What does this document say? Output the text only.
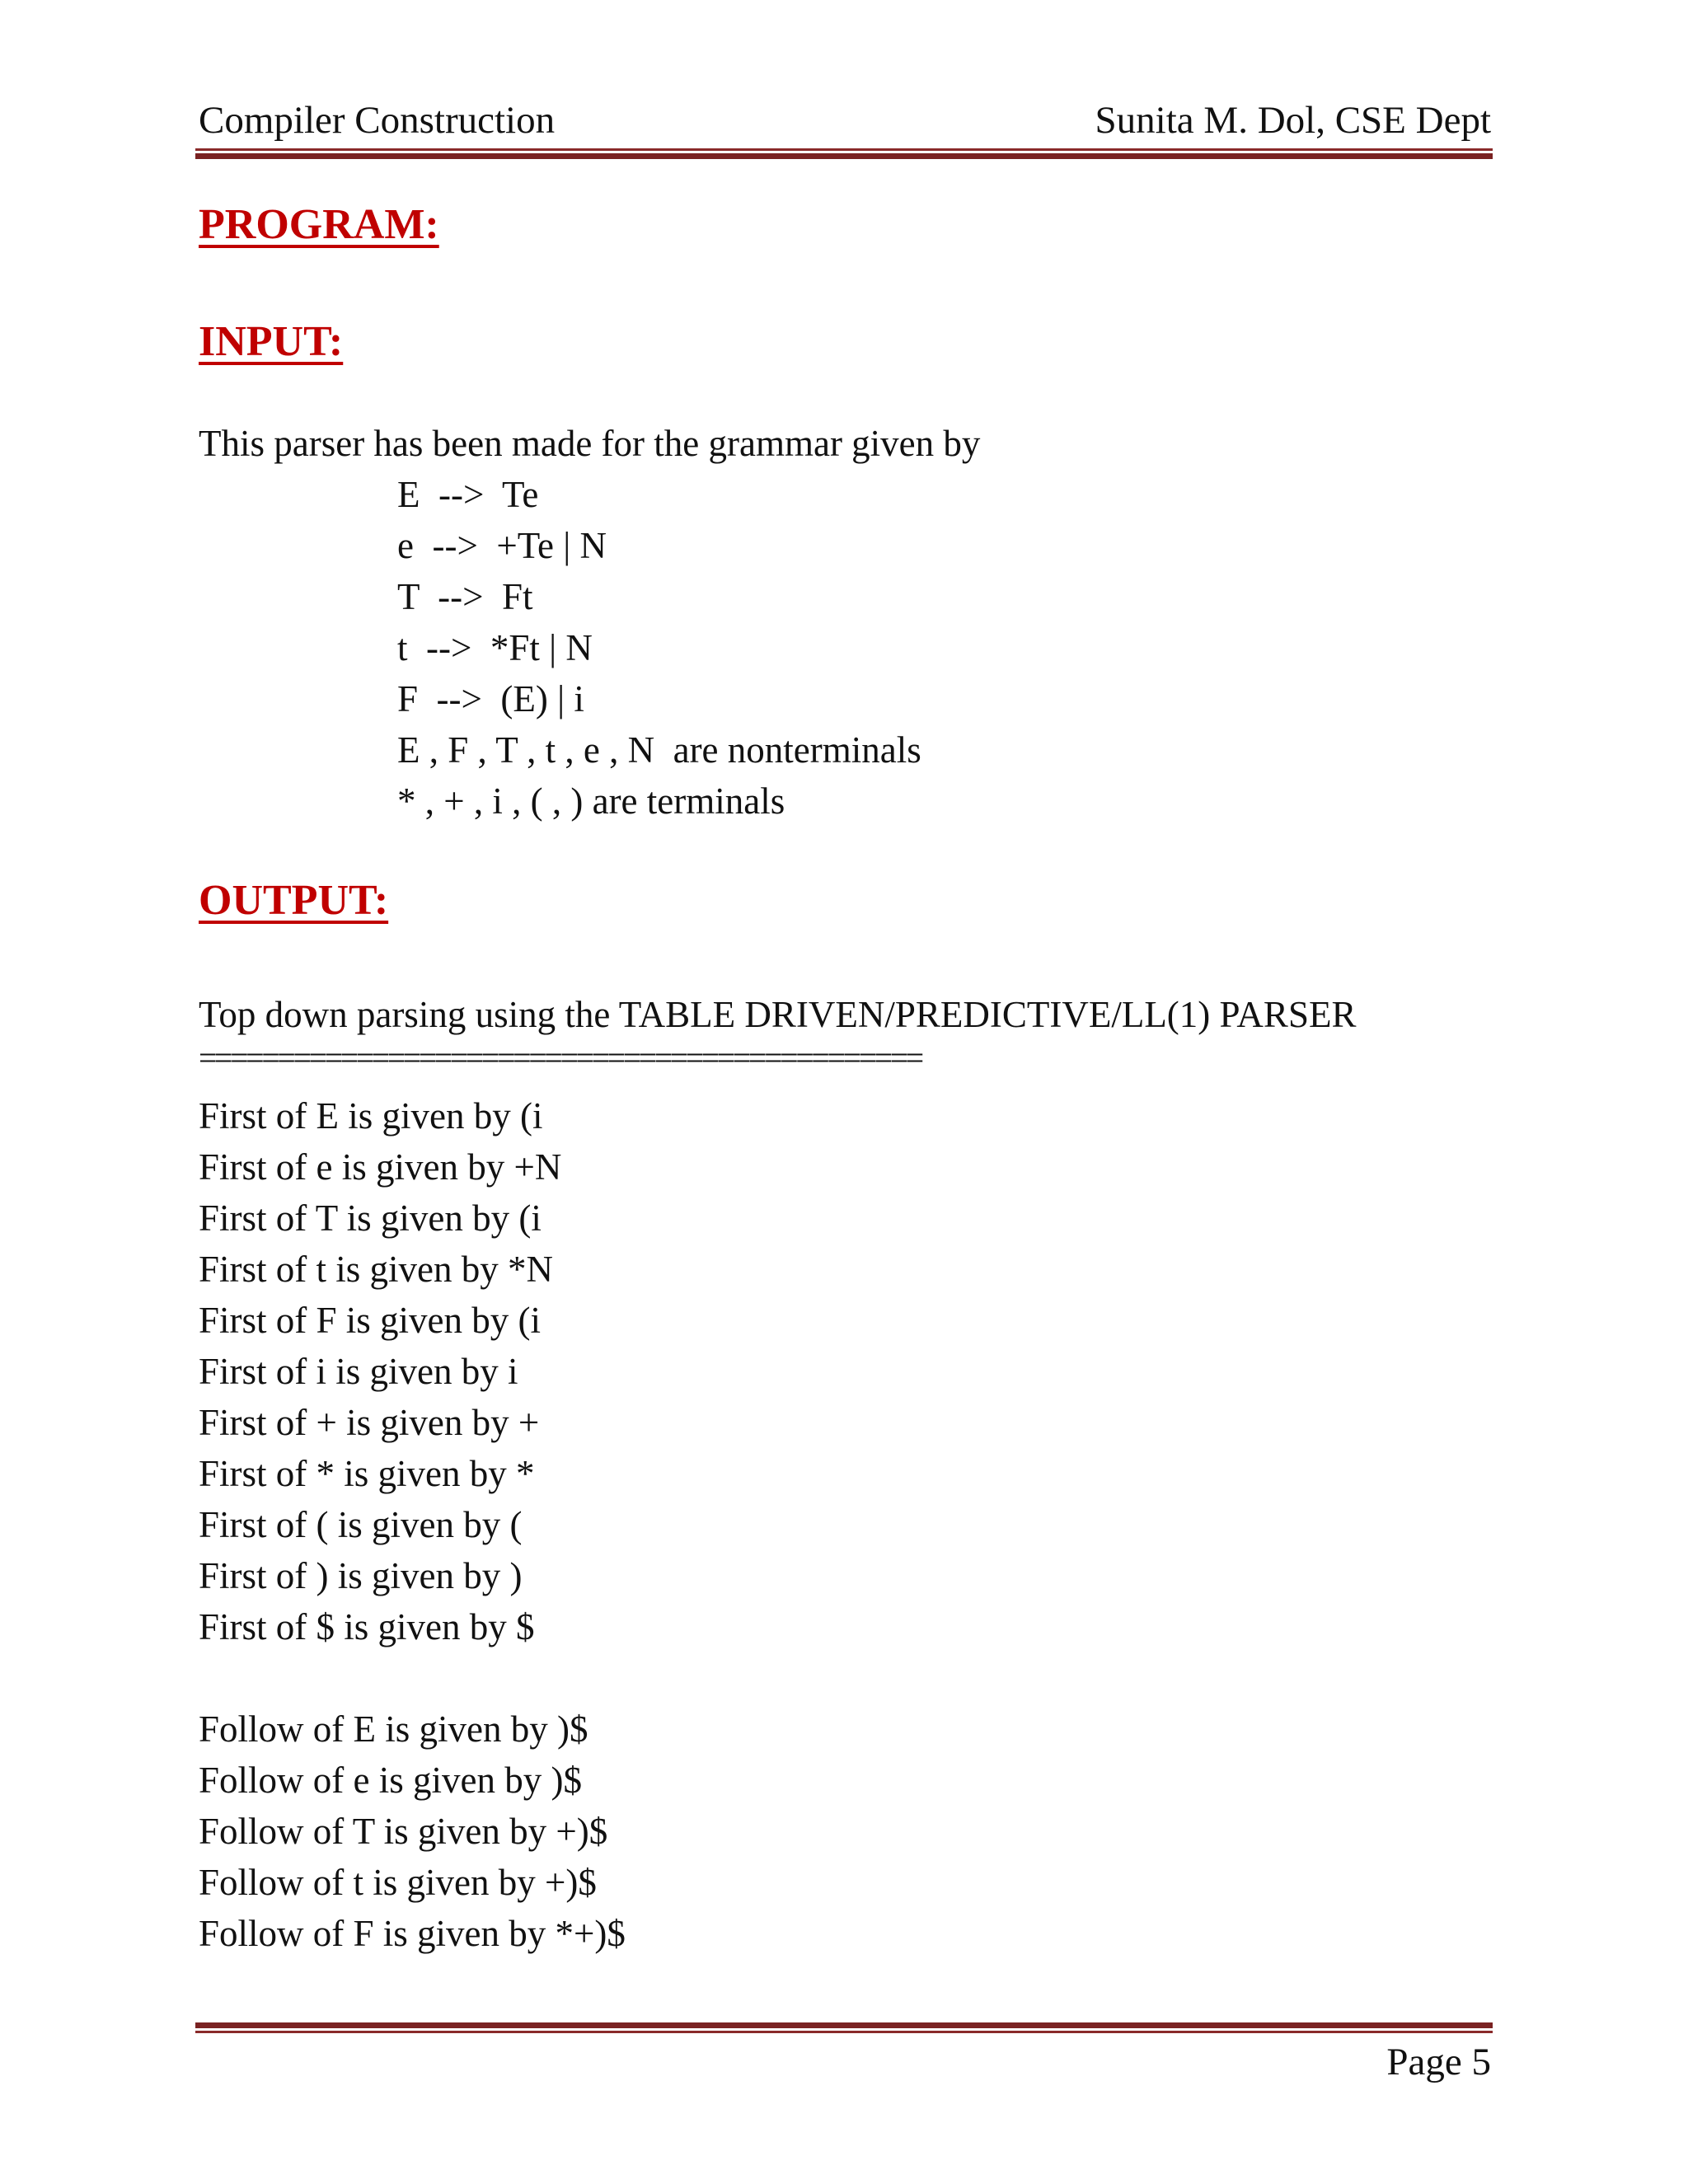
Compiler Construction	Sunita M. Dol, CSE Dept
PROGRAM:
INPUT:
This parser has been made for the grammar given by
E  -->  Te
e  -->  +Te | N
T  -->  Ft
t  -->  *Ft | N
F  -->  (E) | i
E , F , T , t , e , N  are nonterminals
* , + , i , ( , ) are terminals
OUTPUT:
Top down parsing using the TABLE DRIVEN/PREDICTIVE/LL(1) PARSER
==============================================
First of E is given by (i
First of e is given by +N
First of T is given by (i
First of t is given by *N
First of F is given by (i
First of i is given by i
First of + is given by +
First of * is given by *
First of ( is given by (
First of ) is given by )
First of $ is given by $
Follow of E is given by )$
Follow of e is given by )$
Follow of T is given by +)$
Follow of t is given by +)$
Follow of F is given by *+)$
Page 5
